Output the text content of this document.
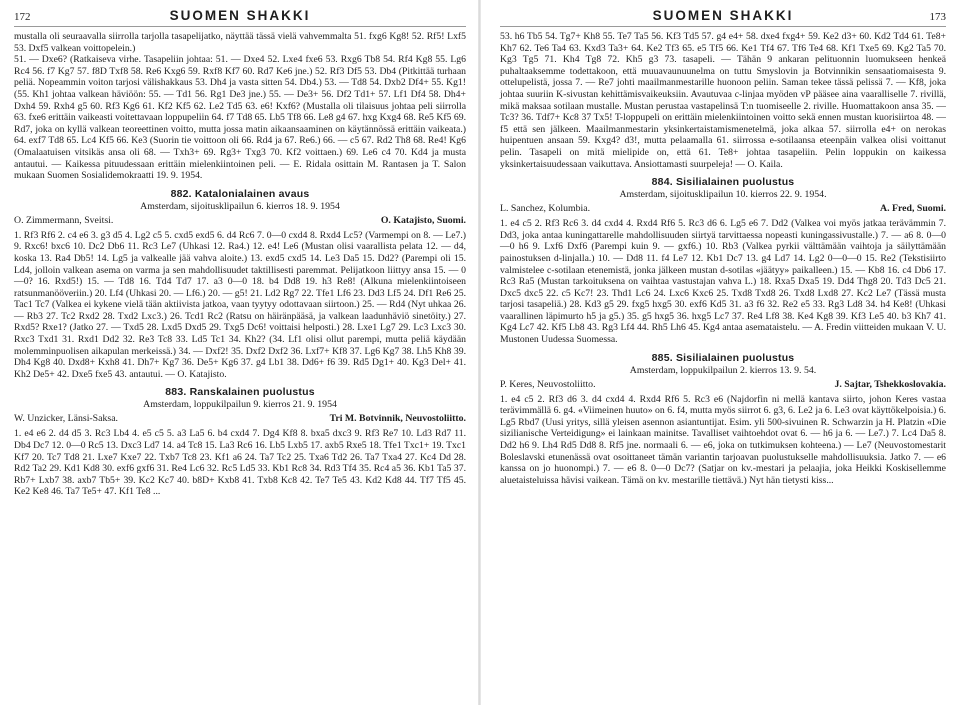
172	SUOMEN SHAKKI

mustalla oli seuraavalla siirrolla tarjolla tasapelijatko, näyttää tässä vielä vahvemmalta 51. fxg6 Kg8! 52. Rf5! Lxf5 53. Dxf5 valkean voittopelein.)

51. — Dxe6? (Ratkaiseva virhe. Tasapeliin johtaa: 51. — Dxe4 52. Lxe4 fxe6 53. Rxg6 Tb8 54. Rf4 Kg8 55. Lg6 Rc4 56. f7 Kg7 57. f8D Txf8 58. Re6 Kxg6 59. Rxf8 Kf7 60. Rd7 Ke6 jne.) 52. Rf3 Df5 53. Db4 (Pitkittää turhaan peliä. Nopeammin voiton tarjosi välishakkaus 53. Dh4 ja vasta sitten 54. Db4.) 53. — Td8 54. Dxb2 Df4+ 55. Kg1! (55. Kh1 johtaa valkean häviöön: 55. — Td1 56. Rg1 De3 jne.) 55. — De3+ 56. Df2 Td1+ 57. Lf1 Df4 58. Dh4+ Dxh4 59. Rxh4 g5 60. Rf3 Kg6 61. Kf2 Kf5 62. Le2 Td5 63. e6! Kxf6? (Mustalla oli tilaisuus johtaa peli siirrolla 63. fxe6 erittäin vaikeasti voitettavaan loppupeliin 64. f7 Td8 65. Lb5 Tf8 66. Le8 g4 67. hxg Kxg4 68. Re5 Kf5 69. Rd7, joka on kyllä valkean teoreettinen voitto, mutta jossa matin aikaansaaminen on käytännössä erittäin vaikeata.) 64. exf7 Td8 65. Lc4 Kf5 66. Ke3 (Suorin tie voittoon oli 66. Rd4 ja 67. Re6.) 66. — c5 67. Rd2 Th8 68. Re4! Kg6 (Omalaatuisen vitsikäs ansa oli 68. — Txh3+ 69. Rg3+ Txg3 70. Kf2 voittaen.) 69. Le6 c4 70. Kd4 ja musta antautui. — Kaikessa pituudessaan erittäin mielenkiintoinen peli. — E. Ridala osittain M. Rantasen ja T. Salon mukaan Suomen Sosialidemokraatti 19. 9. 1954.

882. Katalonialainen avaus

Amsterdam, sijoitusklipailun 6. kierros 18. 9. 1954

O. Zimmermann, Sveitsi.	O. Katajisto, Suomi.

1. Rf3 Rf6 2. c4 e6 3. g3 d5 4. Lg2 c5 5. cxd5 exd5 6. d4 Rc6 7. 0—0 cxd4 8. Rxd4 Lc5? (Varmempi on 8. — Le7.) 9. Rxc6! bxc6 10. Dc2 Db6 11. Rc3 Le7 (Uhkasi 12. Ra4.) 12. e4! Le6 (Mustan olisi vaarallista pelata 12. — d4, koska 13. Ra4 Db5! 14. Lg5 ja valkealle jää vahva aloite.) 13. exd5 cxd5 14. Le3 Da5 15. Dd2? (Parempi oli 15. Ld4, jolloin valkean asema on varma ja sen mahdollisuudet taktillisesti paremmat. Pelijatkoon liittyy ansa 15. — 0—0? 16. Rxd5!) 15. — Td8 16. Td4 Td7 17. a3 0—0 18. b4 Dd8 19. h3 Re8! (Alkuna mielenkiintoiseen ratsunmanööveriin.) 20. Lf4 (Uhkasi 20. — Lf6.) 20. — g5! 21. Ld2 Rg7 22. Tfe1 Lf6 23. Dd3 Lf5 24. Df1 Re6 25. Tac1 Tc7 (Valkea ei kykene vielä tään aktiivista jatkoa, vaan tyytyy odottavaan siirtoon.) 25. — Rd4 (Nyt uhkaa 26. — Rb3 27. Tc2 Rxd2 28. Txd2 Lxc3.) 26. Tcd1 Rc2 (Ratsu on häiränpääsä, ja valkean laadunhäviö sinetöity.) 27. Rxd5? Rxe1? (Jatko 27. — Txd5 28. Lxd5 Dxd5 29. Txg5 Dc6! voittaisi helposti.) 28. Lxe1 Lg7 29. Lc3 Lxc3 30. Rxc3 Txd1 31. Rxd1 Dd2 32. Re3 Tc8 33. Ld5 Tc1 34. Kh2? (34. Lf1 olisi ollut parempi, mutta peliä käydään molemminpuolisen aikapulan merkeissä.) 34. — Dxf2! 35. Dxf2 Dxf2 36. Lxf7+ Kf8 37. Lg6 Kg7 38. Lh5 Kh8 39. Dh4 Kg8 40. Dxd8+ Kxh8 41. Dh7+ Kg7 36. De5+ Kg6 37. g4 Lb1 38. Dd6+ f6 39. Rd5 Dg1+ 40. Kg3 Del+ 41. Kh2 De5+ 42. Dxe5 fxe5 43. antautui. — O. Katajisto.

883. Ranskalainen puolustus

Amsterdam, loppukilpailun 9. kierros 21. 9. 1954

W. Unzicker, Länsi-Saksa.	Tri M. Botvinnik, Neuvostoliitto.

1. e4 e6 2. d4 d5 3. Rc3 Lb4 4. e5 c5 5. a3 La5 6. b4 cxd4 7. Dg4 Kf8 8. bxa5 dxc3 9. Rf3 Re7 10. Ld3 Rd7 11. Db4 Dc7 12. 0—0 Rc5 13. Dxc3 Ld7 14. a4 Tc8 15. La3 Rc6 16. Lb5 Lxb5 17. axb5 Rxe5 18. Tfe1 Txc1+ 19. Txc1 Kf7 20. Tc7 Td8 21. Lxe7 Kxe7 22. Txb7 Tc8 23. Kf1 a6 24. Ta7 Tc2 25. Txa6 Td2 26. Ta7 Txa4 27. Kc4 Dd 28. Rd2 Ta2 29. Kd1 Kd8 30. exf6 gxf6 31. Re4 Lc6 32. Rc5 Ld5 33. Kb1 Rc8 34. Rd3 Tf4 35. Rc4 a5 36. Kb1 Ta5 37. Rb7+ Lxb7 38. axb7 Tb5+ 39. Kc2 Kc7 40. b8D+ Kxb8 41. Txb8 Kc8 42. Te7 Te5 43. Kd2 Kd8 44. Tf7 Tf5 45. Ke2 Ke8 46. Ta7 Te5+ 47. Kf1 Te8 ...

SUOMEN SHAKKI	173

53. h6 Tb5 54. Tg7+ Kh8 55. Te7 Ta5 56. Kf3 Td5 57. g4 e4+ 58. dxe4 fxg4+ 59. Ke2 d3+ 60. Kd2 Td4 61. Te8+ Kh7 62. Te6 Ta4 63. Kxd3 Ta3+ 64. Ke2 Tf3 65. e5 Tf5 66. Ke1 Tf4 67. Tf6 Te4 68. Kf1 Txe5 69. Kg2 Ta5 70. Kg3 Tg5 71. Kh4 Tg8 72. Kh5 g3 73. tasapeli. — Tähän 9 ankaran pelituonnin luomukseen henkeä puhaltaaksemme todettakoon, että muuavaunuunelma on tuttu Smyslovin ja Botvinnikin sensaatiomaisesta 9. ottelupelistä, jossa 7. — Re7 johti maailmanmestarille huonoon peliin. Saman tekee tässä pelissä 7. — Kf8, joka johtaa suuriin K-sivustan kehittämisvaikeuksiin. Avautuvaa c-linjaa myöden vP pääsee aina vaaralliselle 7. rivillä, mikä maksaa sotilaan mustalle. Mustan perustaa vastapelinsä T:n tuomiseelle 2. riville. Huomattakoon ansa 35. — Tc3? 36. Tdf7+ Kc8 37 Tx5! T-loppupeli on erittäin mielenkiintoinen voitto sekä ennen mustan kuorisiirtoa 48. — f5 että sen jälkeen. Maailmanmestarin yksinkertaistamismenetelmä, joka alkaa 57. siirrolla e4+ on nerokas huipentuen ansaan 59. Kxg4? d3!, mutta pelaamalla 61. siirrossa e-sotilaansa eteenpäin valkea olisi voittanut pelin. Tasapeli on mitä mielipide on, että 61. Te8+ johtaa tasapeliin. Pelin loppukin on kaikessa yksinkertaisuudessaan vaikuttava. Ansiottamasti suurpeleja! — O. Kaila.

884. Sisilialainen puolustus

Amsterdam, sijoitusklipailun 10. kierros 22. 9. 1954.

L. Sanchez, Kolumbia.	A. Fred, Suomi.

1. e4 c5 2. Rf3 Rc6 3. d4 cxd4 4. Rxd4 Rf6 5. Rc3 d6 6. Lg5 e6 7. Dd2 (Valkea voi myös jatkaa terävämmin 7. Dd3, joka antaa kuningattarelle mahdollisuuden siirtyä tarvittaessa nopeasti kuningassivustalle.) 7. — a6 8. 0—0—0 h6 9. Lxf6 Dxf6 (Parempi kuin 9. — gxf6.) 10. Rb3 (Valkea pyrkii välttämään vaihtoja ja säilyttämään painostuksen d-linjalla.) 10. — Dd8 11. f4 Le7 12. Kb1 Dc7 13. g4 Ld7 14. Lg2 0—0—0 15. Re2 (Tekstisiirto valmistelee c-sotilaan etenemistä, jonka jälkeen mustan d-sotilas «jäätyy» paikalleen.) 15. — Kb8 16. c4 Db6 17. Rc3 Ra5 (Mustan tarkoituksena on vaihtaa vastustajan vahva L.) 18. Rxa5 Dxa5 19. Dd4 Thg8 20. Td3 Dc5 21. Dxc5 dxc5 22. c5 Kc7! 23. Thd1 Lc6 24. Lxc6 Kxc6 25. Txd8 Txd8 26. Txd8 Lxd8 27. Kc2 Le7 (Tässä musta tarjosi tasapeliä.) 28. Kd3 g5 29. fxg5 hxg5 30. exf6 Kd5 31. a3 f6 32. Re2 e5 33. Rg3 Ld8 34. h4 Ke8! (Uhkasi vaarallinen läpimurto h5 ja g5.) 35. g5 hxg5 36. hxg5 Lc7 37. Re4 Lf8 38. Ke4 Kg8 39. Kf3 Le5 40. b3 Kh7 41. Kg4 Lc7 42. Kf5 Lb8 43. Rg3 Lf4 44. Rh5 Lh6 45. Kg4 antaa asemataistelu. — A. Fredin viitteiden mukaan V. U. Mustonen Uudessa Suomessa.

885. Sisilialainen puolustus

Amsterdam, loppukilpailun 2. kierros 13. 9. 54.

P. Keres, Neuvostoliitto.	J. Sajtar, Tshekkoslovakia.

1. e4 c5 2. Rf3 d6 3. d4 cxd4 4. Rxd4 Rf6 5. Rc3 e6 (Najdorfin ni mellä kantava siirto, johon Keres vastaa terävimmällä 6. g4. «Viimeinen huuto» on 6. f4, mutta myös siirrot 6. g3, 6. Le2 ja 6. Le3 ovat käyttökelpoisia.) 6. Lg5 Rbd7 (Uusi yritys, sillä yleisen asennon asiantuntijat. Esim. yli 500-sivuinen R. Schwarzin ja H. Platzin «Die sizilianische Verteidigung» ei lainkaan mainitse. Tavalliset vaihtoehdot ovat 6. — h6 ja 6. — Le7.) 7. Lc4 Da5 8. Dd2 h6 9. Lh4 Rd5 Dd8 8. Rf5 jne. normaali 6. — e6, joka on tutkimuksen kohteena.) — Le7 (Neuvostomestarit Boleslavski etunenässä ovat osoittaneet tämän variantin tarjoavan puolustukselle mahdollisuuksia. Jatko 7. — e6 kanssa on jo huonompi.) 7. — e6 8. 0—0 Dc7? (Satjar on kv.-mestari ja pelaajia, joka Heikki Koskisellemme aluetaisteluissa hävisi vaikean. Tämä on kv. mestarille tiettävä.) Nyt hän tietysti kiss...
